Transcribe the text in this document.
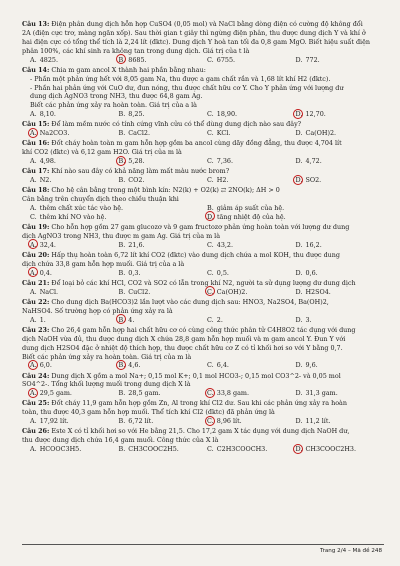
Câu 13: Điện phân dung dịch hỗn hợp CuSO4 (0,05 mol) và NaCl bằng dòng điện có cường độ không đổi
2A (điện cực trơ, màng ngăn xốp). Sau thời gian t giây thì ngừng điện phân, thu được dung dịch Y và khí ở
hai điện cực có tổng thể tích là 2,24 lít (đktc). Dung dịch Y hoà tan tối đa 0,8 gam MgO. Biết hiệu suất điện
phân 100%, các khí sinh ra không tan trong dung dịch. Giá trị của t là
A. 4825.	B. 8685.	C. 6755.	D. 772.
Câu 14: Chia m gam ancol X thành hai phần bằng nhau:
- Phần một phản ứng hết với 8,05 gam Na, thu được a gam chất rắn và 1,68 lít khí H2 (đktc).
- Phần hai phản ứng với CuO dư, đun nóng, thu được chất hữu cơ Y. Cho Y phản ứng với lượng dư
dung dịch AgNO3 trong NH3, thu được 64,8 gam Ag.
Biết các phản ứng xảy ra hoàn toàn. Giá trị của a là
A. 8,10.	B. 8,25.	C. 18,90.	D. 12,70.
Câu 15: Để làm mềm nước có tính cứng vĩnh cửu có thể dùng dung dịch nào sau đây?
A. Na2CO3.	B. CaCl2.	C. KCl.	D. Ca(OH)2.
Câu 16: Đốt cháy hoàn toàn m gam hỗn hợp gồm ba ancol cùng dãy đồng đẳng, thu được 4,704 lít
khí CO2 (đktc) và 6,12 gam H2O. Giá trị của m là
A. 4,98.	B. 5,28.	C. 7,36.	D. 4,72.
Câu 17: Khí nào sau đây có khả năng làm mất màu nước brom?
A. N2.	B. CO2.	C. H2.	D. SO2.
Câu 18: Cho hệ cân bằng trong một bình kín: N2(k) + O2(k) ⇄ 2NO(k); ΔH > 0
Cân bằng trên chuyển dịch theo chiều thuận khi
A. thêm chất xúc tác vào hệ.	B. giảm áp suất của hệ.
C. thêm khí NO vào hệ.	D. tăng nhiệt độ của hệ.
Câu 19: Cho hỗn hợp gồm 27 gam glucozơ và 9 gam fructozơ phản ứng hoàn toàn với lượng dư dung
dịch AgNO3 trong NH3, thu được m gam Ag. Giá trị của m là
A. 32,4.	B. 21,6.	C. 43,2.	D. 16,2.
Câu 20: Hấp thụ hoàn toàn 6,72 lít khí CO2 (đktc) vào dung dịch chứa a mol KOH, thu được dung
dịch chứa 33,8 gam hỗn hợp muối. Giá trị của a là
A. 0,4.	B. 0,3.	C. 0,5.	D. 0,6.
Câu 21: Để loại bỏ các khí HCl, CO2 và SO2 có lẫn trong khí N2, người ta sử dụng lượng dư dung dịch
A. NaCl.	B. CuCl2.	C. Ca(OH)2.	D. H2SO4.
Câu 22: Cho dung dịch Ba(HCO3)2 lần lượt vào các dung dịch sau: HNO3, Na2SO4, Ba(OH)2,
NaHSO4. Số trường hợp có phản ứng xảy ra là
A. 1.	B. 4.	C. 2.	D. 3.
Câu 23: Cho 26,4 gam hỗn hợp hai chất hữu cơ có cùng công thức phân tử C4H8O2 tác dụng với dung
dịch NaOH vừa đủ, thu được dung dịch X chứa 28,8 gam hỗn hợp muối và m gam ancol Y. Đun Y với
dung dịch H2SO4 đặc ở nhiệt độ thích hợp, thu được chất hữu cơ Z có tỉ khối hơi so với Y bằng 0,7.
Biết các phản ứng xảy ra hoàn toàn. Giá trị của m là
A. 6,0.	B. 4,6.	C. 6,4.	D. 9,6.
Câu 24: Dung dịch X gồm a mol Na+; 0,15 mol K+; 0,1 mol HCO3-; 0,15 mol CO3^2- và 0,05 mol
SO4^2-. Tổng khối lượng muối trong dung dịch X là
A. 29,5 gam.	B. 28,5 gam.	C. 33,8 gam.	D. 31,3 gam.
Câu 25: Đốt cháy 11,9 gam hỗn hợp gồm Zn, Al trong khí Cl2 dư. Sau khi các phản ứng xảy ra hoàn
toàn, thu được 40,3 gam hỗn hợp muối. Thể tích khí Cl2 (đktc) đã phản ứng là
A. 17,92 lít.	B. 6,72 lít.	C. 8,96 lít.	D. 11,2 lít.
Câu 26: Este X có tỉ khối hơi so với He bằng 21,5. Cho 17,2 gam X tác dụng với dung dịch NaOH dư,
thu được dung dịch chứa 16,4 gam muối. Công thức của X là
A. HCOOC3H5.	B. CH3COOC2H5.	C. C2H3COOCH3.	D. CH3COOC2H3.
Trang 2/4 – Mã đề 248
